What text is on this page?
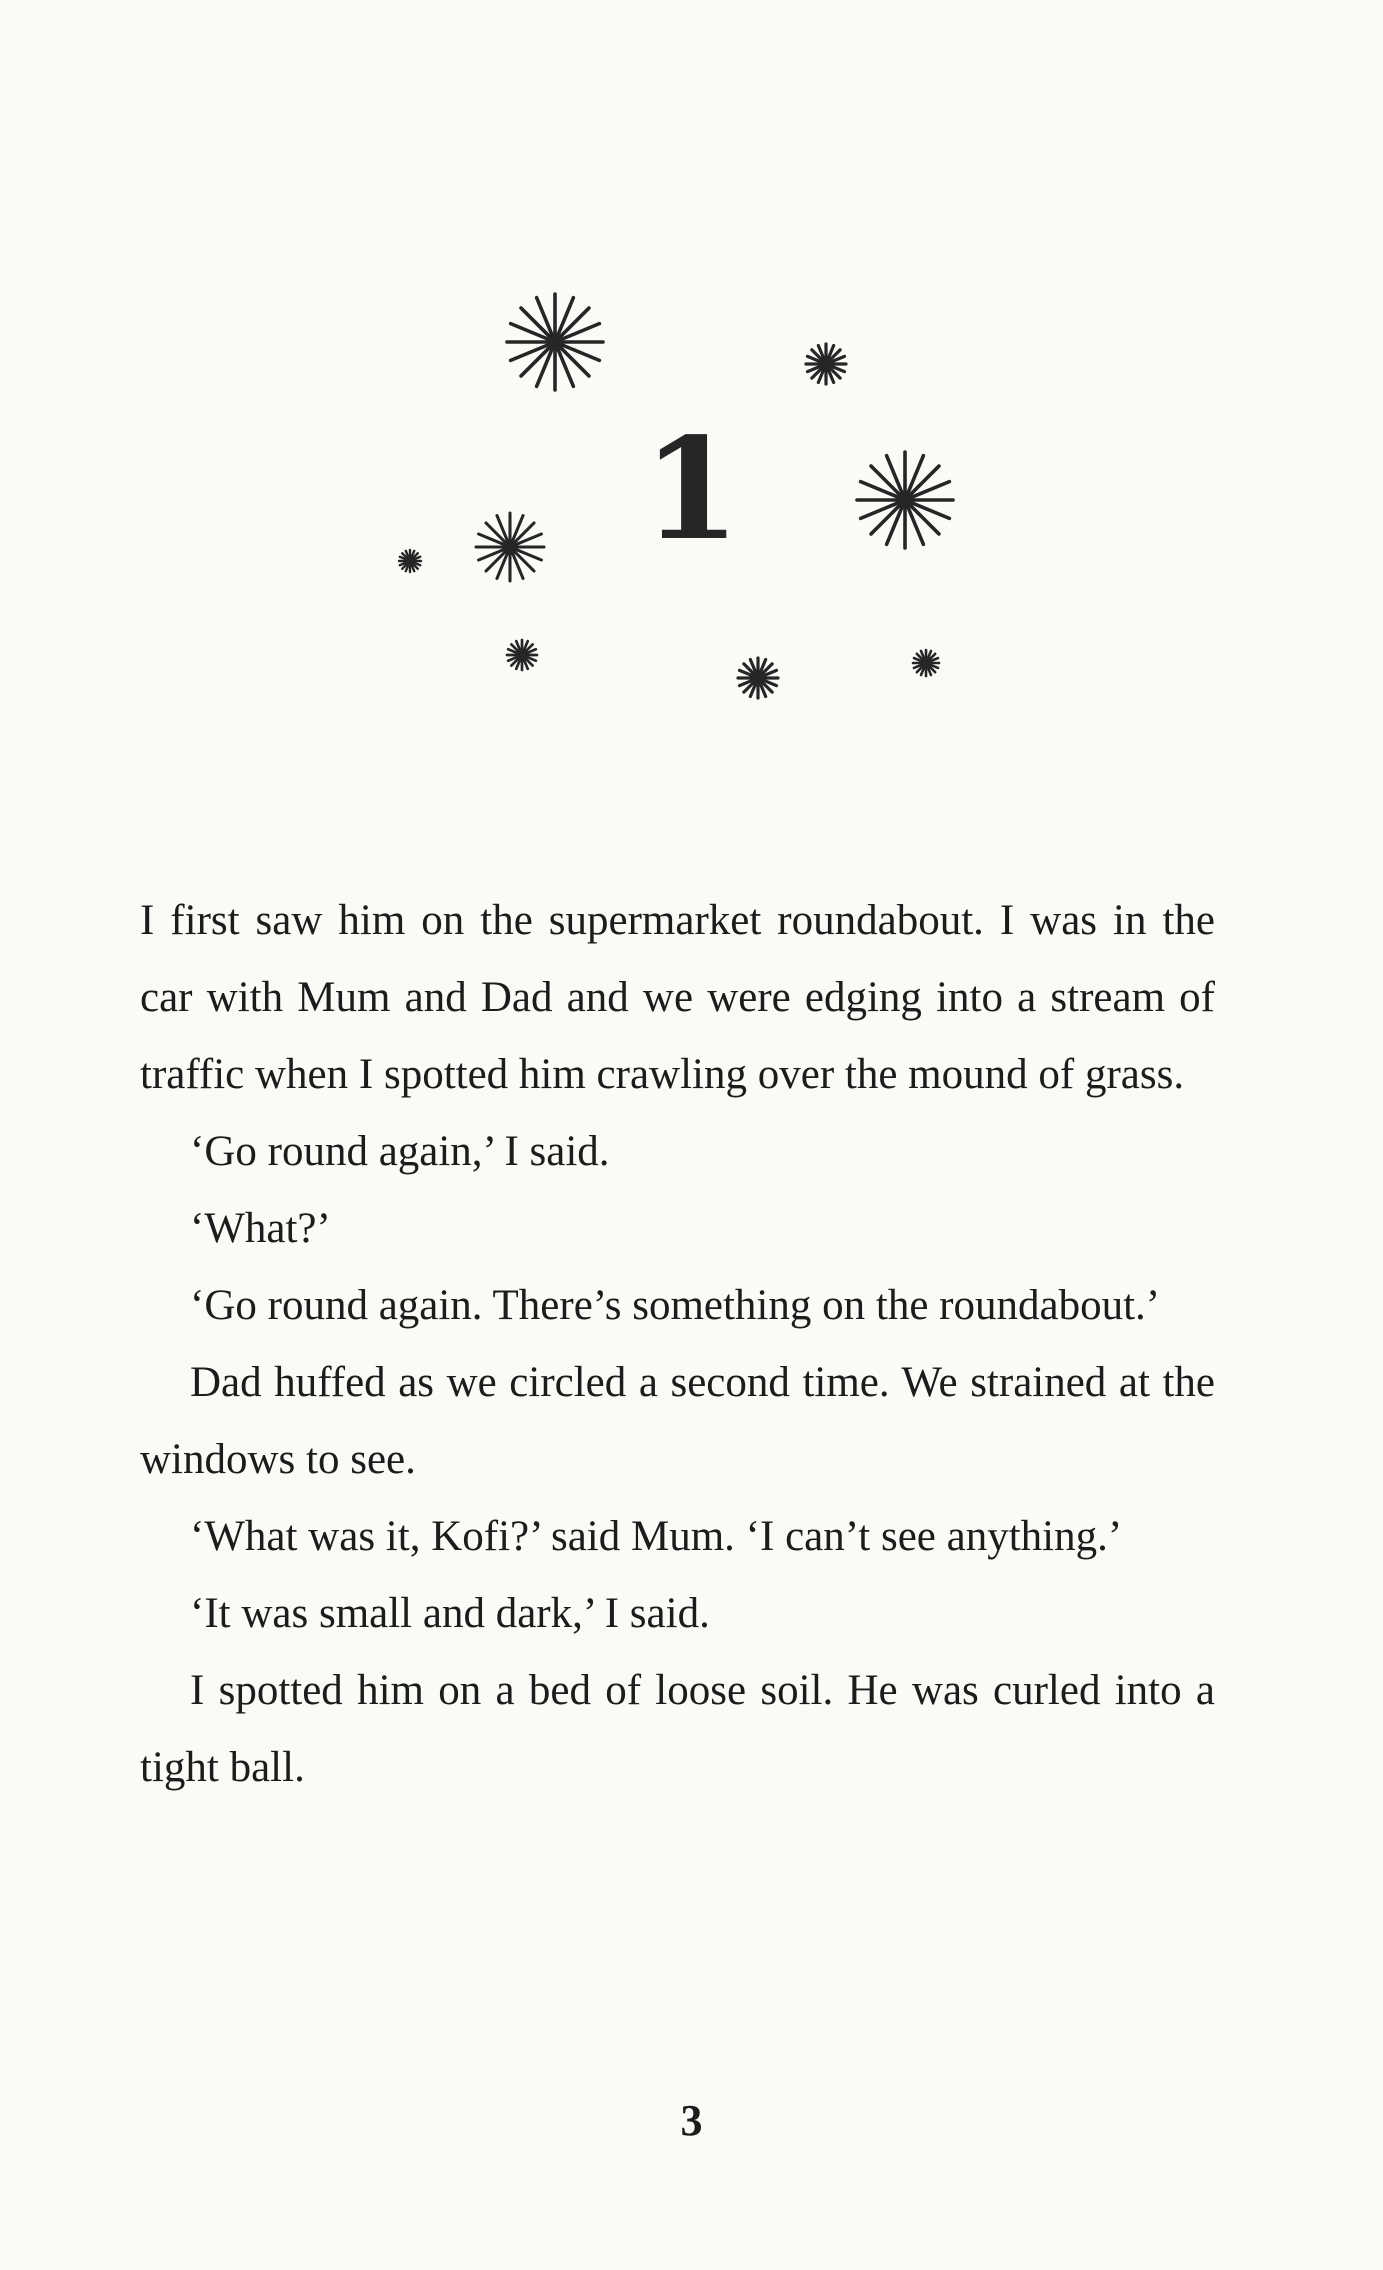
1

I first saw him on the supermarket roundabout. I was in the car with Mum and Dad and we were edging into a stream of traffic when I spotted him crawling over the mound of grass.

‘Go round again,’ I said.

‘What?’

‘Go round again. There’s something on the roundabout.’

Dad huffed as we circled a second time. We strained at the windows to see.

‘What was it, Kofi?’ said Mum. ‘I can’t see anything.’

‘It was small and dark,’ I said.

I spotted him on a bed of loose soil. He was curled into a tight ball.

3
